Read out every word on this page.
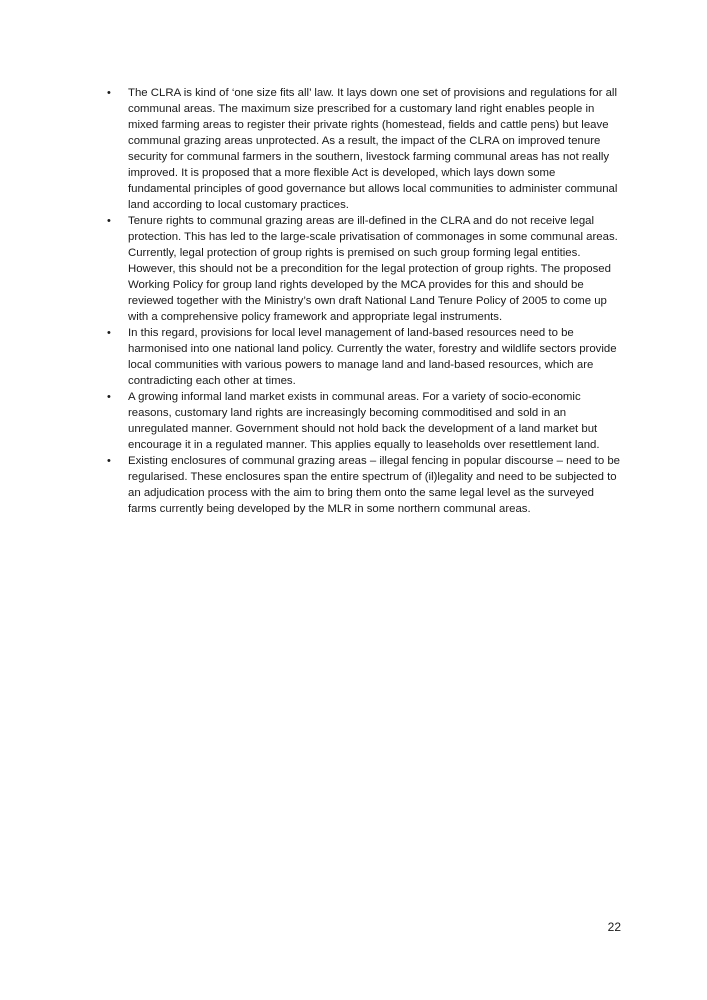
• The CLRA is kind of ‘one size fits all’ law. It lays down one set of provisions and regulations for all communal areas. The maximum size prescribed for a customary land right enables people in mixed farming areas to register their private rights (homestead, fields and cattle pens) but leave communal grazing areas unprotected. As a result, the impact of the CLRA on improved tenure security for communal farmers in the southern, livestock farming communal areas has not really improved. It is proposed that a more flexible Act is developed, which lays down some fundamental principles of good governance but allows local communities to administer communal land according to local customary practices.
• Tenure rights to communal grazing areas are ill-defined in the CLRA and do not receive legal protection. This has led to the large-scale privatisation of commonages in some communal areas. Currently, legal protection of group rights is premised on such group forming legal entities. However, this should not be a precondition for the legal protection of group rights. The proposed Working Policy for group land rights developed by the MCA provides for this and should be reviewed together with the Ministry’s own draft National Land Tenure Policy of 2005 to come up with a comprehensive policy framework and appropriate legal instruments.
• In this regard, provisions for local level management of land-based resources need to be harmonised into one national land policy. Currently the water, forestry and wildlife sectors provide local communities with various powers to manage land and land-based resources, which are contradicting each other at times.
• A growing informal land market exists in communal areas. For a variety of socio-economic reasons, customary land rights are increasingly becoming commoditised and sold in an unregulated manner. Government should not hold back the development of a land market but encourage it in a regulated manner. This applies equally to leaseholds over resettlement land.
• Existing enclosures of communal grazing areas – illegal fencing in popular discourse – need to be regularised. These enclosures span the entire spectrum of (il)legality and need to be subjected to an adjudication process with the aim to bring them onto the same legal level as the surveyed farms currently being developed by the MLR in some northern communal areas.
22
